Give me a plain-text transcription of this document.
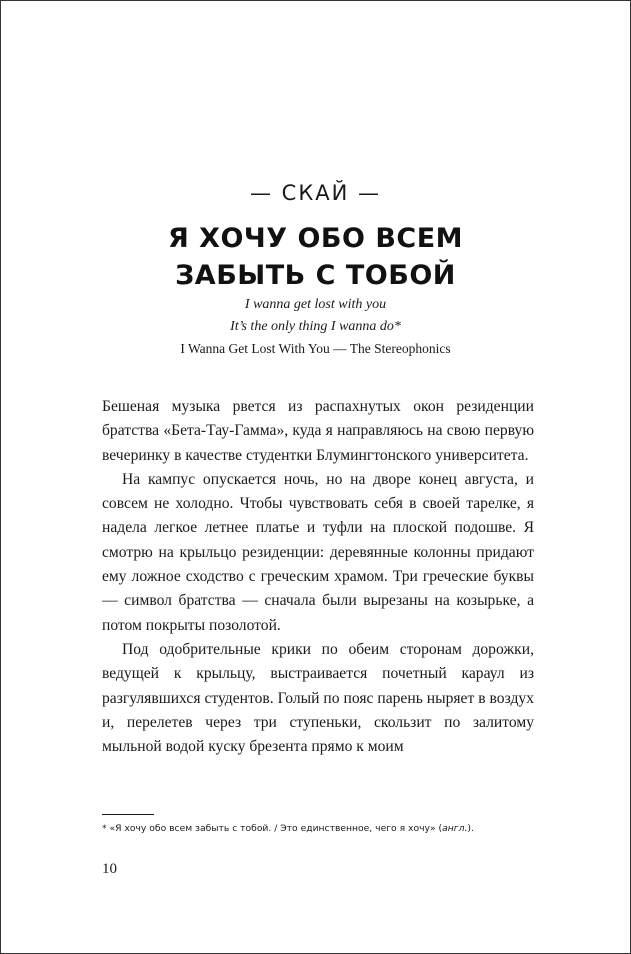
— СКАЙ —
Я ХОЧУ ОБО ВСЕМ
ЗАБЫТЬ С ТОБОЙ
I wanna get lost with you
It’s the only thing I wanna do*
I Wanna Get Lost With You — The Stereophonics

Бешеная музыка рвется из распахнутых окон резиденции братства «Бета-Тау-Гамма», куда я направляюсь на свою первую вечеринку в качестве студентки Блумингтонского университета.

На кампус опускается ночь, но на дворе конец августа, и совсем не холодно. Чтобы чувствовать себя в своей тарелке, я надела легкое летнее платье и туфли на плоской подошве. Я смотрю на крыльцо резиденции: деревянные колонны придают ему ложное сходство с греческим храмом. Три греческие буквы — символ братства — сначала были вырезаны на козырьке, а потом покрыты позолотой.

Под одобрительные крики по обеим сторонам дорожки, ведущей к крыльцу, выстраивается почетный караул из разгулявшихся студентов. Голый по пояс парень ныряет в воздух и, перелетев через три ступеньки, скользит по залитому мыльной водой куску брезента прямо к моим

* «Я хочу обо всем забыть с тобой. / Это единственное, чего я хочу» (англ.).
10
